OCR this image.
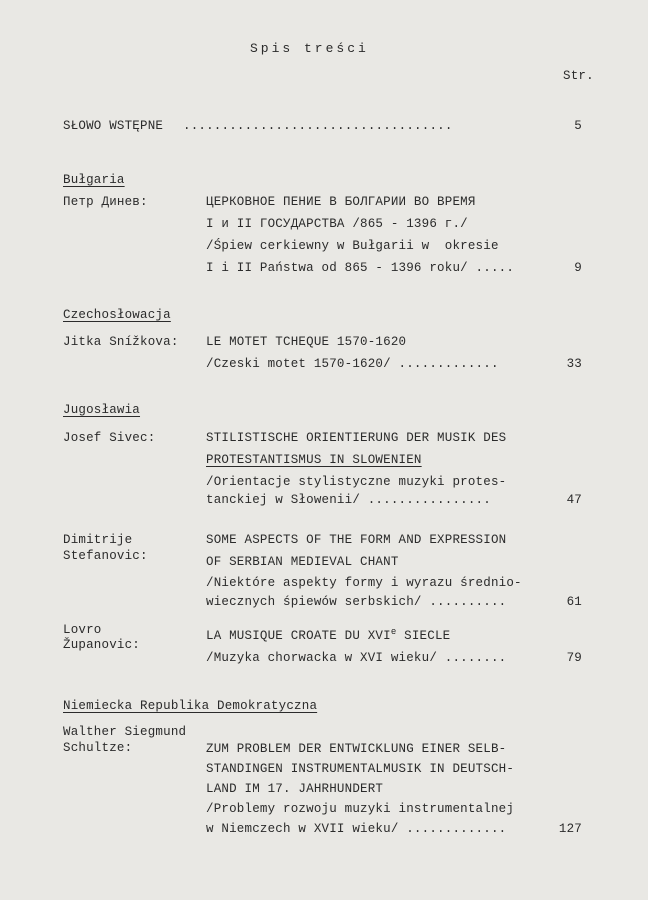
Spis treści
Str.
SŁOWO WSTĘPNE ...................................	5
Bułgaria
Петр Динев:	ЦЕРКОВНОЕ ПЕНИЕ В БОЛГАРИИ ВО ВРЕМЯ
I и II ГОСУДАРСТВА /865 - 1396 г./
/Śpiew cerkiewny w Bułgarii w  okresie
I i II Państwa od 865 - 1396 roku/ .....	9
Czechosłowacja
Jitka Snížkova: LE MOTET TCHEQUE 1570-1620
/Czeski motet 1570-1620/ .............	33
Jugosławia
Josef Sivec:	STILISTISCHE ORIENTIERUNG DER MUSIK DES
PROTESTANTISMUS IN SLOWENIEN
/Orientacje stylistyczne muzyki protes-
tanckiej w Słowenii/ ................	47
Dimitrije
Stefanovic:
SOME ASPECTS OF THE FORM AND EXPRESSION
OF SERBIAN MEDIEVAL CHANT
/Niektóre aspekty formy i wyrazu średnio-
wiecznych śpiewów serbskich/ ..........	61
Lovro
Županovic:
LA MUSIQUE CROATE DU XVIe SIECLE
/Muzyka chorwacka w XVI wieku/ ........	79
Niemiecka Republika Demokratyczna
Walther Siegmund
Schultze:	ZUM PROBLEM DER ENTWICKLUNG EINER SELB-
STANDINGEN INSTRUMENTALMUSIK IN DEUTSCH-
LAND IM 17. JAHRHUNDERT
/Problemy rozwoju muzyki instrumentalnej
w Niemczech w XVII wieku/ .............	127
